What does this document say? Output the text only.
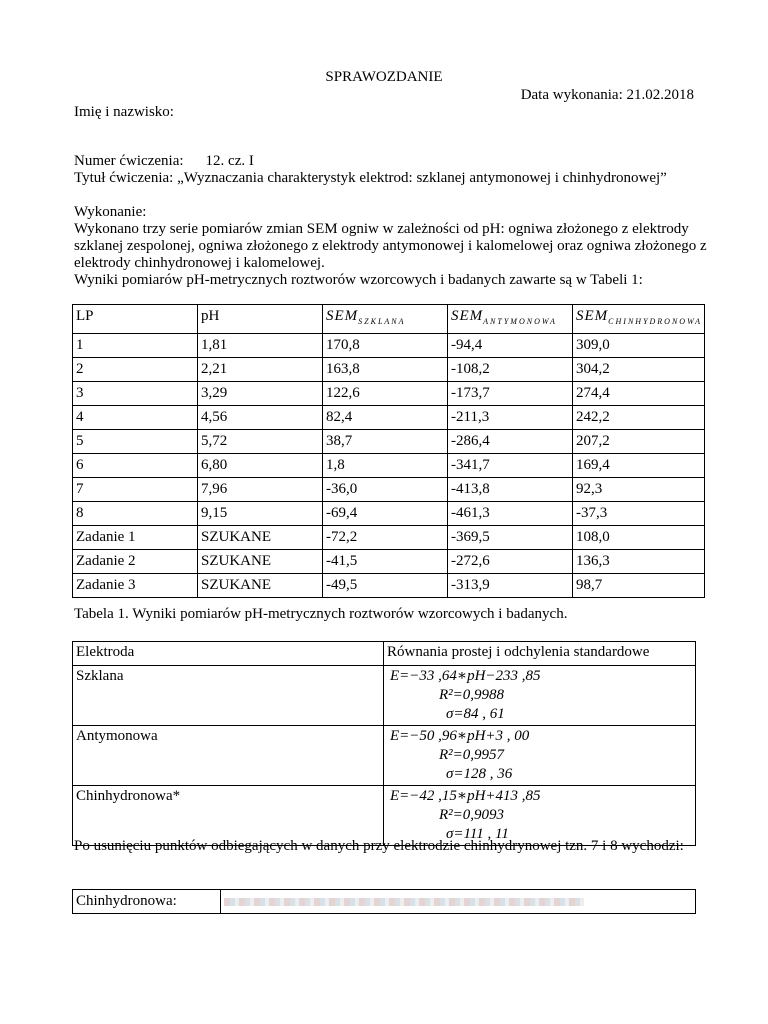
SPRAWOZDANIE
Data wykonania: 21.02.2018
Imię i nazwisko:
Numer ćwiczenia: 12. cz. I
Tytuł ćwiczenia: „Wyznaczania charakterystyk elektrod: szklanej antymonowej i chinhydronowej”

Wykonanie:

Wykonano trzy serie pomiarów zmian SEM ogniw w zależności od pH: ogniwa złożonego z elektrody szklanej zespolonej, ogniwa złożonego z elektrody antymonowej i kalomelowej oraz ogniwa złożonego z elektrody chinhydronowej i kalomelowej.

Wyniki pomiarów pH-metrycznych roztworów wzorcowych i badanych zawarte są w Tabeli 1:

LP	pH	$SEM_{SZKLANA}$	$SEM_{ANTYMONOWA}$	$SEM_{CHINHYDRONOWA}$
1	1,81	170,8	-94,4	309,0
2	2,21	163,8	-108,2	304,2
3	3,29	122,6	-173,7	274,4
4	4,56	82,4	-211,3	242,2
5	5,72	38,7	-286,4	207,2
6	6,80	1,8	-341,7	169,4
7	7,96	-36,0	-413,8	92,3
8	9,15	-69,4	-461,3	-37,3
Zadanie 1	SZUKANE	-72,2	-369,5	108,0
Zadanie 2	SZUKANE	-41,5	-272,6	136,3
Zadanie 3	SZUKANE	-49,5	-313,9	98,7
Tabela 1. Wyniki pomiarów pH-metrycznych roztworów wzorcowych i badanych.
Elektroda	Równania prostej i odchylenia standardowe
Szklana	E=−33 ,64∗pH−233 ,85
R²=0,9988
σ=84 , 61

Antymonowa	E=−50 ,96∗pH+3 , 00
R²=0,9957
σ=128 , 36

Chinhydronowa*	E=−42 ,15∗pH+413 ,85
R²=0,9093
σ=111 , 11
Po usunięciu punktów odbiegających w danych przy elektrodzie chinhydrynowej tzn. 7 i 8 wychodzi:
Chinhydronowa:	
